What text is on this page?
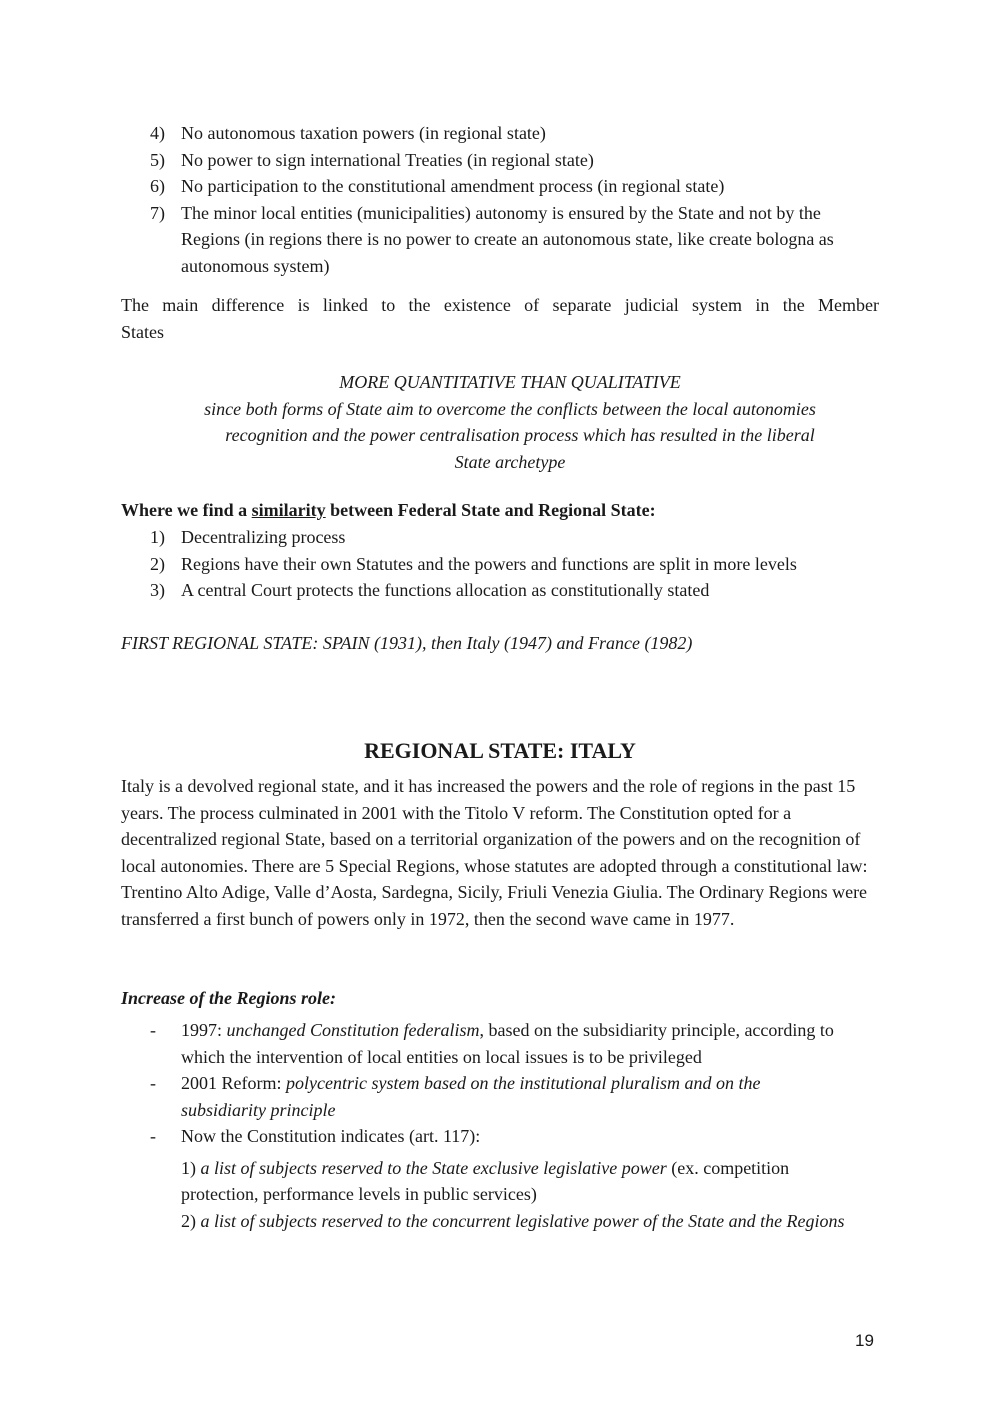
4) No autonomous taxation powers (in regional state)
5) No power to sign international Treaties (in regional state)
6) No participation to the constitutional amendment process (in regional state)
7) The minor local entities (municipalities) autonomy is ensured by the State and not by the Regions (in regions there is no power to create an autonomous state, like create bologna as autonomous system)
The main difference is linked to the existence of separate judicial system in the Member
States
MORE QUANTITATIVE THAN QUALITATIVE
since both forms of State aim to overcome the conflicts between the local autonomies
recognition and the power centralisation process which has resulted in the liberal
State archetype
Where we find a similarity between Federal State and Regional State:
1) Decentralizing process
2) Regions have their own Statutes and the powers and functions are split in more levels
3) A central Court protects the functions allocation as constitutionally stated
FIRST REGIONAL STATE: SPAIN (1931), then Italy (1947) and France (1982)
REGIONAL STATE: ITALY
Italy is a devolved regional state, and it has increased the powers and the role of regions in the past 15 years. The process culminated in 2001 with the Titolo V reform. The Constitution opted for a decentralized regional State, based on a territorial organization of the powers and on the recognition of local autonomies. There are 5 Special Regions, whose statutes are adopted through a constitutional law: Trentino Alto Adige, Valle d’Aosta, Sardegna, Sicily, Friuli Venezia Giulia. The Ordinary Regions were transferred a first bunch of powers only in 1972, then the second wave came in 1977.
Increase of the Regions role:
- 1997: unchanged Constitution federalism, based on the subsidiarity principle, according to which the intervention of local entities on local issues is to be privileged
- 2001 Reform: polycentric system based on the institutional pluralism and on the subsidiarity principle
- Now the Constitution indicates (art. 117):
1) a list of subjects reserved to the State exclusive legislative power (ex. competition protection, performance levels in public services)
2) a list of subjects reserved to the concurrent legislative power of the State and the Regions
19
